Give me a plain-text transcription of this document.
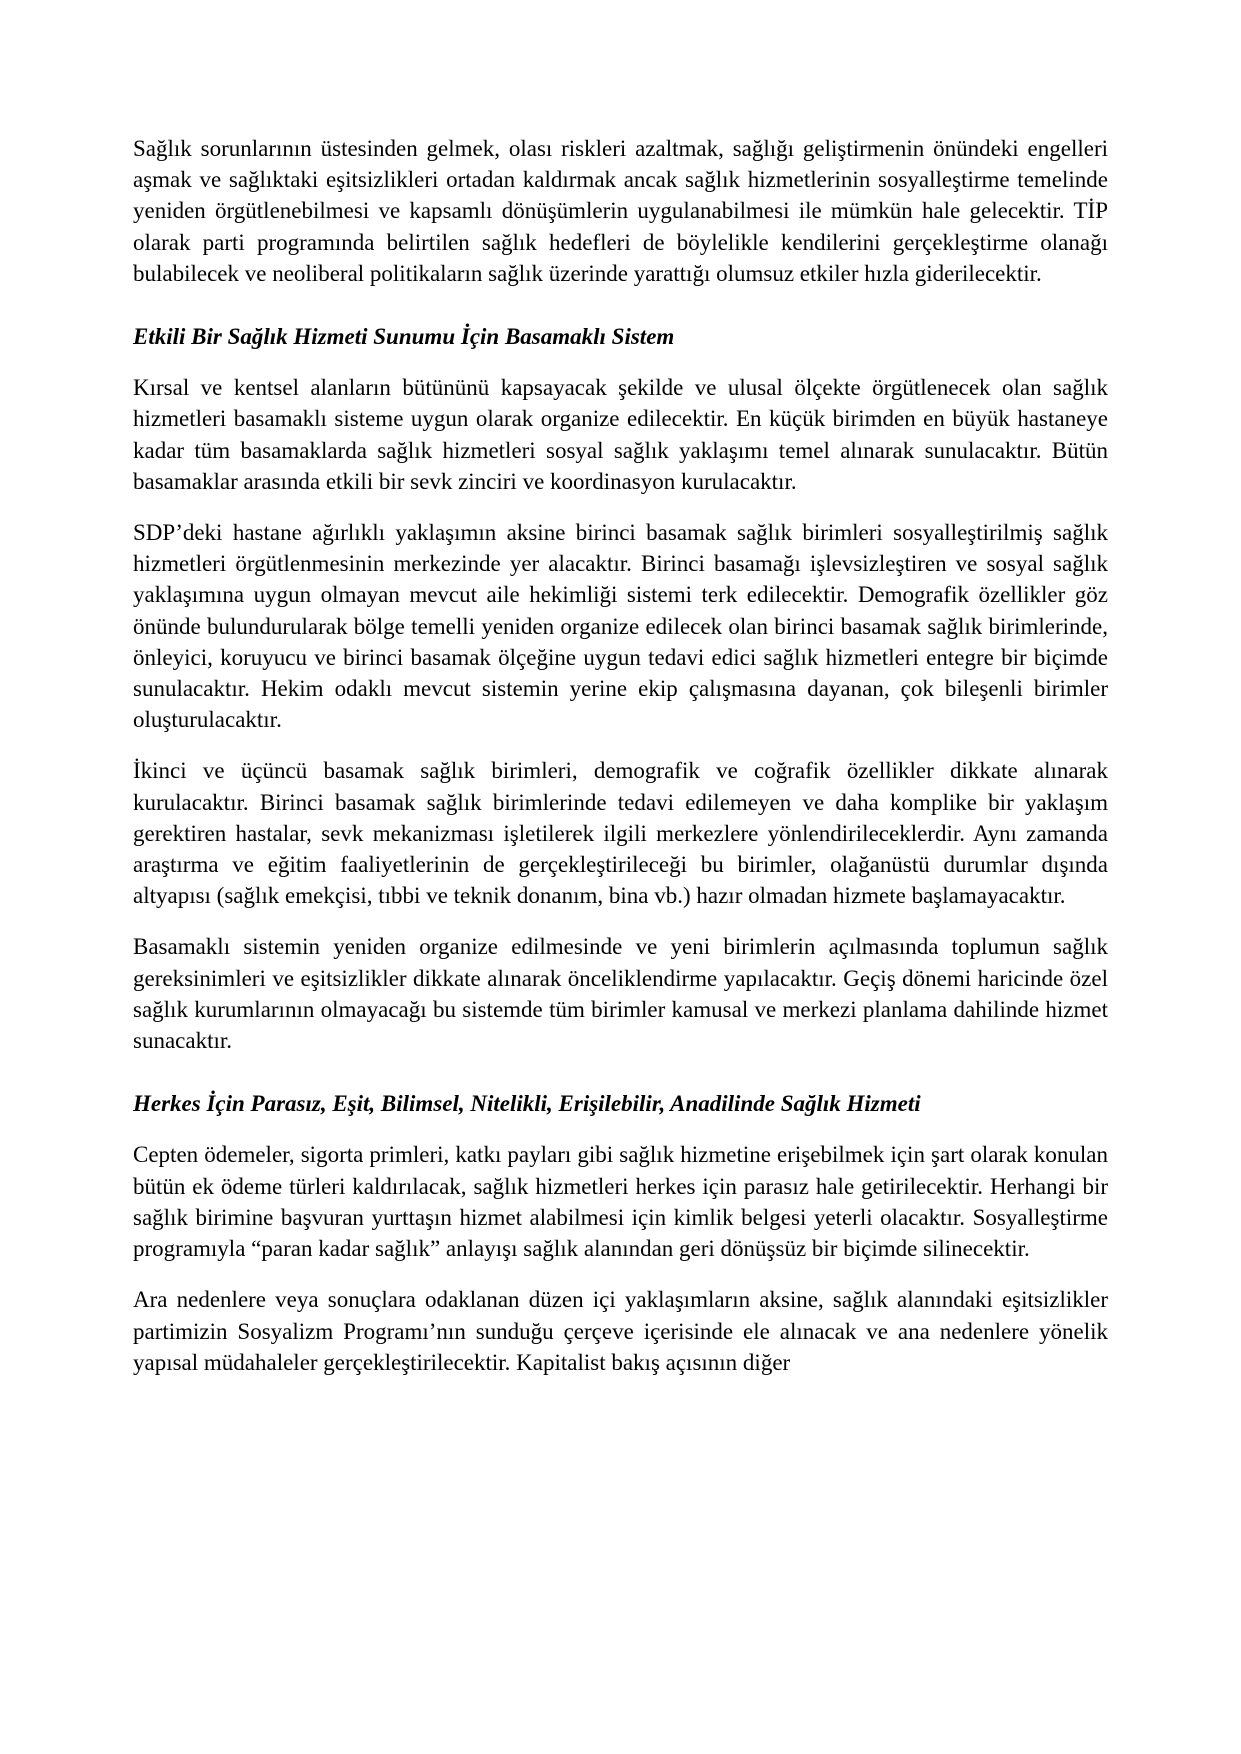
Sağlık sorunlarının üstesinden gelmek, olası riskleri azaltmak, sağlığı geliştirmenin önündeki engelleri aşmak ve sağlıktaki eşitsizlikleri ortadan kaldırmak ancak sağlık hizmetlerinin sosyalleştirme temelinde yeniden örgütlenebilmesi ve kapsamlı dönüşümlerin uygulanabilmesi ile mümkün hale gelecektir. TİP olarak parti programında belirtilen sağlık hedefleri de böylelikle kendilerini gerçekleştirme olanağı bulabilecek ve neoliberal politikaların sağlık üzerinde yarattığı olumsuz etkiler hızla giderilecektir.

Etkili Bir Sağlık Hizmeti Sunumu İçin Basamaklı Sistem

Kırsal ve kentsel alanların bütününü kapsayacak şekilde ve ulusal ölçekte örgütlenecek olan sağlık hizmetleri basamaklı sisteme uygun olarak organize edilecektir. En küçük birimden en büyük hastaneye kadar tüm basamaklarda sağlık hizmetleri sosyal sağlık yaklaşımı temel alınarak sunulacaktır. Bütün basamaklar arasında etkili bir sevk zinciri ve koordinasyon kurulacaktır.

SDP’deki hastane ağırlıklı yaklaşımın aksine birinci basamak sağlık birimleri sosyalleştirilmiş sağlık hizmetleri örgütlenmesinin merkezinde yer alacaktır. Birinci basamağı işlevsizleştiren ve sosyal sağlık yaklaşımına uygun olmayan mevcut aile hekimliği sistemi terk edilecektir. Demografik özellikler göz önünde bulundurularak bölge temelli yeniden organize edilecek olan birinci basamak sağlık birimlerinde, önleyici, koruyucu ve birinci basamak ölçeğine uygun tedavi edici sağlık hizmetleri entegre bir biçimde sunulacaktır. Hekim odaklı mevcut sistemin yerine ekip çalışmasına dayanan, çok bileşenli birimler oluşturulacaktır.

İkinci ve üçüncü basamak sağlık birimleri, demografik ve coğrafik özellikler dikkate alınarak kurulacaktır. Birinci basamak sağlık birimlerinde tedavi edilemeyen ve daha komplike bir yaklaşım gerektiren hastalar, sevk mekanizması işletilerek ilgili merkezlere yönlendirileceklerdir. Aynı zamanda araştırma ve eğitim faaliyetlerinin de gerçekleştirileceği bu birimler, olağanüstü durumlar dışında altyapısı (sağlık emekçisi, tıbbi ve teknik donanım, bina vb.) hazır olmadan hizmete başlamayacaktır.

Basamaklı sistemin yeniden organize edilmesinde ve yeni birimlerin açılmasında toplumun sağlık gereksinimleri ve eşitsizlikler dikkate alınarak önceliklendirme yapılacaktır. Geçiş dönemi haricinde özel sağlık kurumlarının olmayacağı bu sistemde tüm birimler kamusal ve merkezi planlama dahilinde hizmet sunacaktır.

Herkes İçin Parasız, Eşit, Bilimsel, Nitelikli, Erişilebilir, Anadilinde Sağlık Hizmeti

Cepten ödemeler, sigorta primleri, katkı payları gibi sağlık hizmetine erişebilmek için şart olarak konulan bütün ek ödeme türleri kaldırılacak, sağlık hizmetleri herkes için parasız hale getirilecektir. Herhangi bir sağlık birimine başvuran yurttaşın hizmet alabilmesi için kimlik belgesi yeterli olacaktır. Sosyalleştirme programıyla “paran kadar sağlık” anlayışı sağlık alanından geri dönüşsüz bir biçimde silinecektir.

Ara nedenlere veya sonuçlara odaklanan düzen içi yaklaşımların aksine, sağlık alanındaki eşitsizlikler partimizin Sosyalizm Programı’nın sunduğu çerçeve içerisinde ele alınacak ve ana nedenlere yönelik yapısal müdahaleler gerçekleştirilecektir. Kapitalist bakış açısının diğer
